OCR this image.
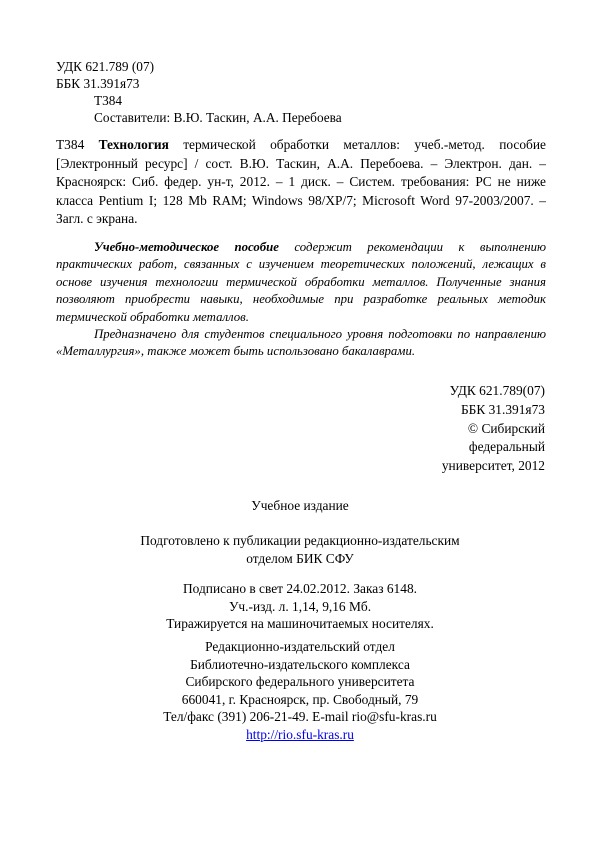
УДК 621.789 (07)
ББК 31.391я73
Т384
Составители: В.Ю. Таскин, А.А. Перебоева
Т384 Технология термической обработки металлов: учеб.-метод. пособие [Электронный ресурс] / сост. В.Ю. Таскин, А.А. Перебоева. – Электрон. дан. – Красноярск: Сиб. федер. ун-т, 2012. – 1 диск. – Систем. требования: PC не ниже класса Pentium I; 128 Mb RAM; Windows 98/XP/7; Microsoft Word 97-2003/2007. – Загл. с экрана.

Учебно-методическое пособие содержит рекомендации к выполнению практических работ, связанных с изучением теоретических положений, лежащих в основе изучения технологии термической обработки металлов. Полученные знания позволяют приобрести навыки, необходимые при разработке реальных методик термической обработки металлов.

Предназначено для студентов специального уровня подготовки по направлению «Металлургия», также может быть использовано бакалаврами.

УДК 621.789(07)
ББК 31.391я73
© Сибирский
федеральный
университет, 2012
Учебное издание
Подготовлено к публикации редакционно-издательским
отделом БИК СФУ
Подписано в свет 24.02.2012. Заказ 6148.
Уч.-изд. л. 1,14, 9,16 Мб.
Тиражируется на машиночитаемых носителях.
Редакционно-издательский отдел
Библиотечно-издательского комплекса
Сибирского федерального университета
660041, г. Красноярск, пр. Свободный, 79
Тел/факс (391) 206-21-49. E-mail rio@sfu-kras.ru
http://rio.sfu-kras.ru
